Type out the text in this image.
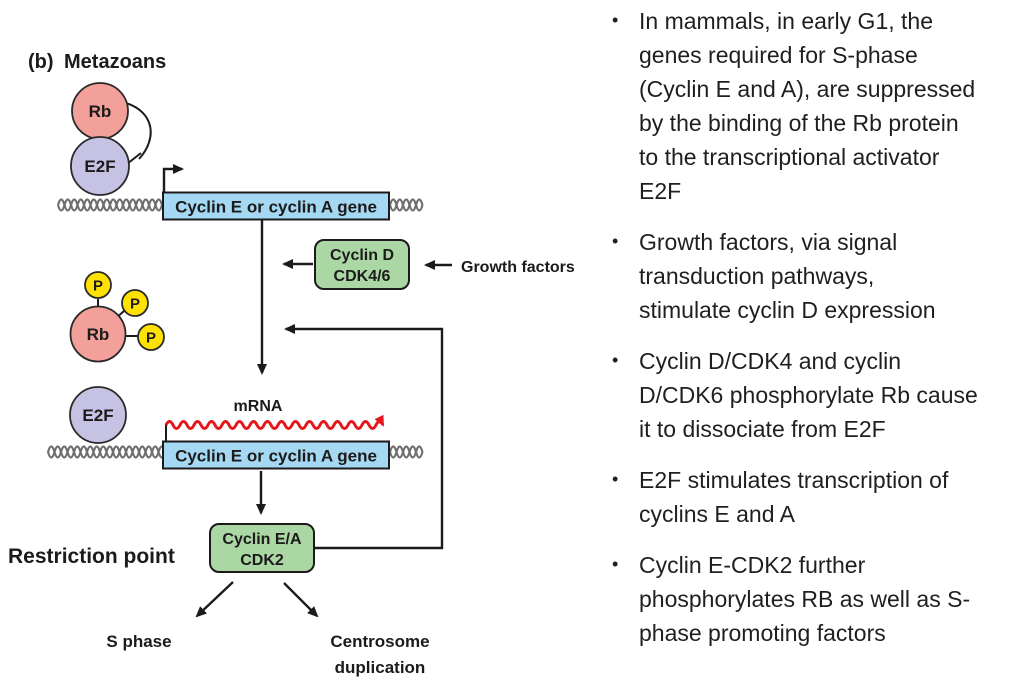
(b) Metazoans
Rb
E2F
Cyclin E or cyclin A gene
Cyclin D
CDK4/6
Growth factors
Rb
P
P
P
E2F	mRNA
Cyclin E or cyclin A gene
Cyclin E/A
CDK2
Restriction point
S phase	Centrosome
duplication
• In mammals, in early G1, the
genes required for S-phase
(Cyclin E and A), are suppressed
by the binding of the Rb protein
to the transcriptional activator
E2F
• Growth factors, via signal
transduction pathways,
stimulate cyclin D expression
• Cyclin D/CDK4 and cyclin
D/CDK6 phosphorylate Rb cause
it to dissociate from E2F
• E2F stimulates transcription of
cyclins E and A
• Cyclin E-CDK2 further
phosphorylates RB as well as S-
phase promoting factors
